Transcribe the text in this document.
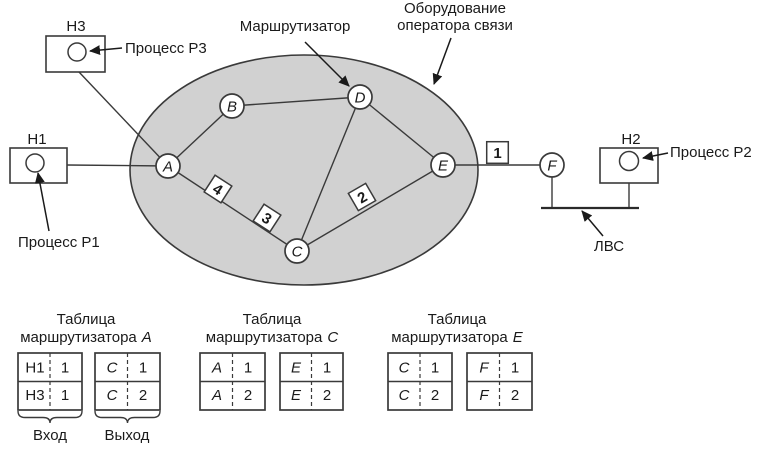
4
3
2
1
A
B
C
D
E	F
Н3
Н1	Н2
Маршрутизатор
Оборудование
оператора связи
Процесс Р3
Процесс Р1
Процесс Р2
ЛВС
Таблица
маршрутизатора A
Н1 1
Н3 1
C 1
C 2
Вход	Выход
Таблица
маршрутизатора C
A 1
A 2
E 1
E 2
Таблица
маршрутизатора E
C 1
C 2
F 1
F 2
